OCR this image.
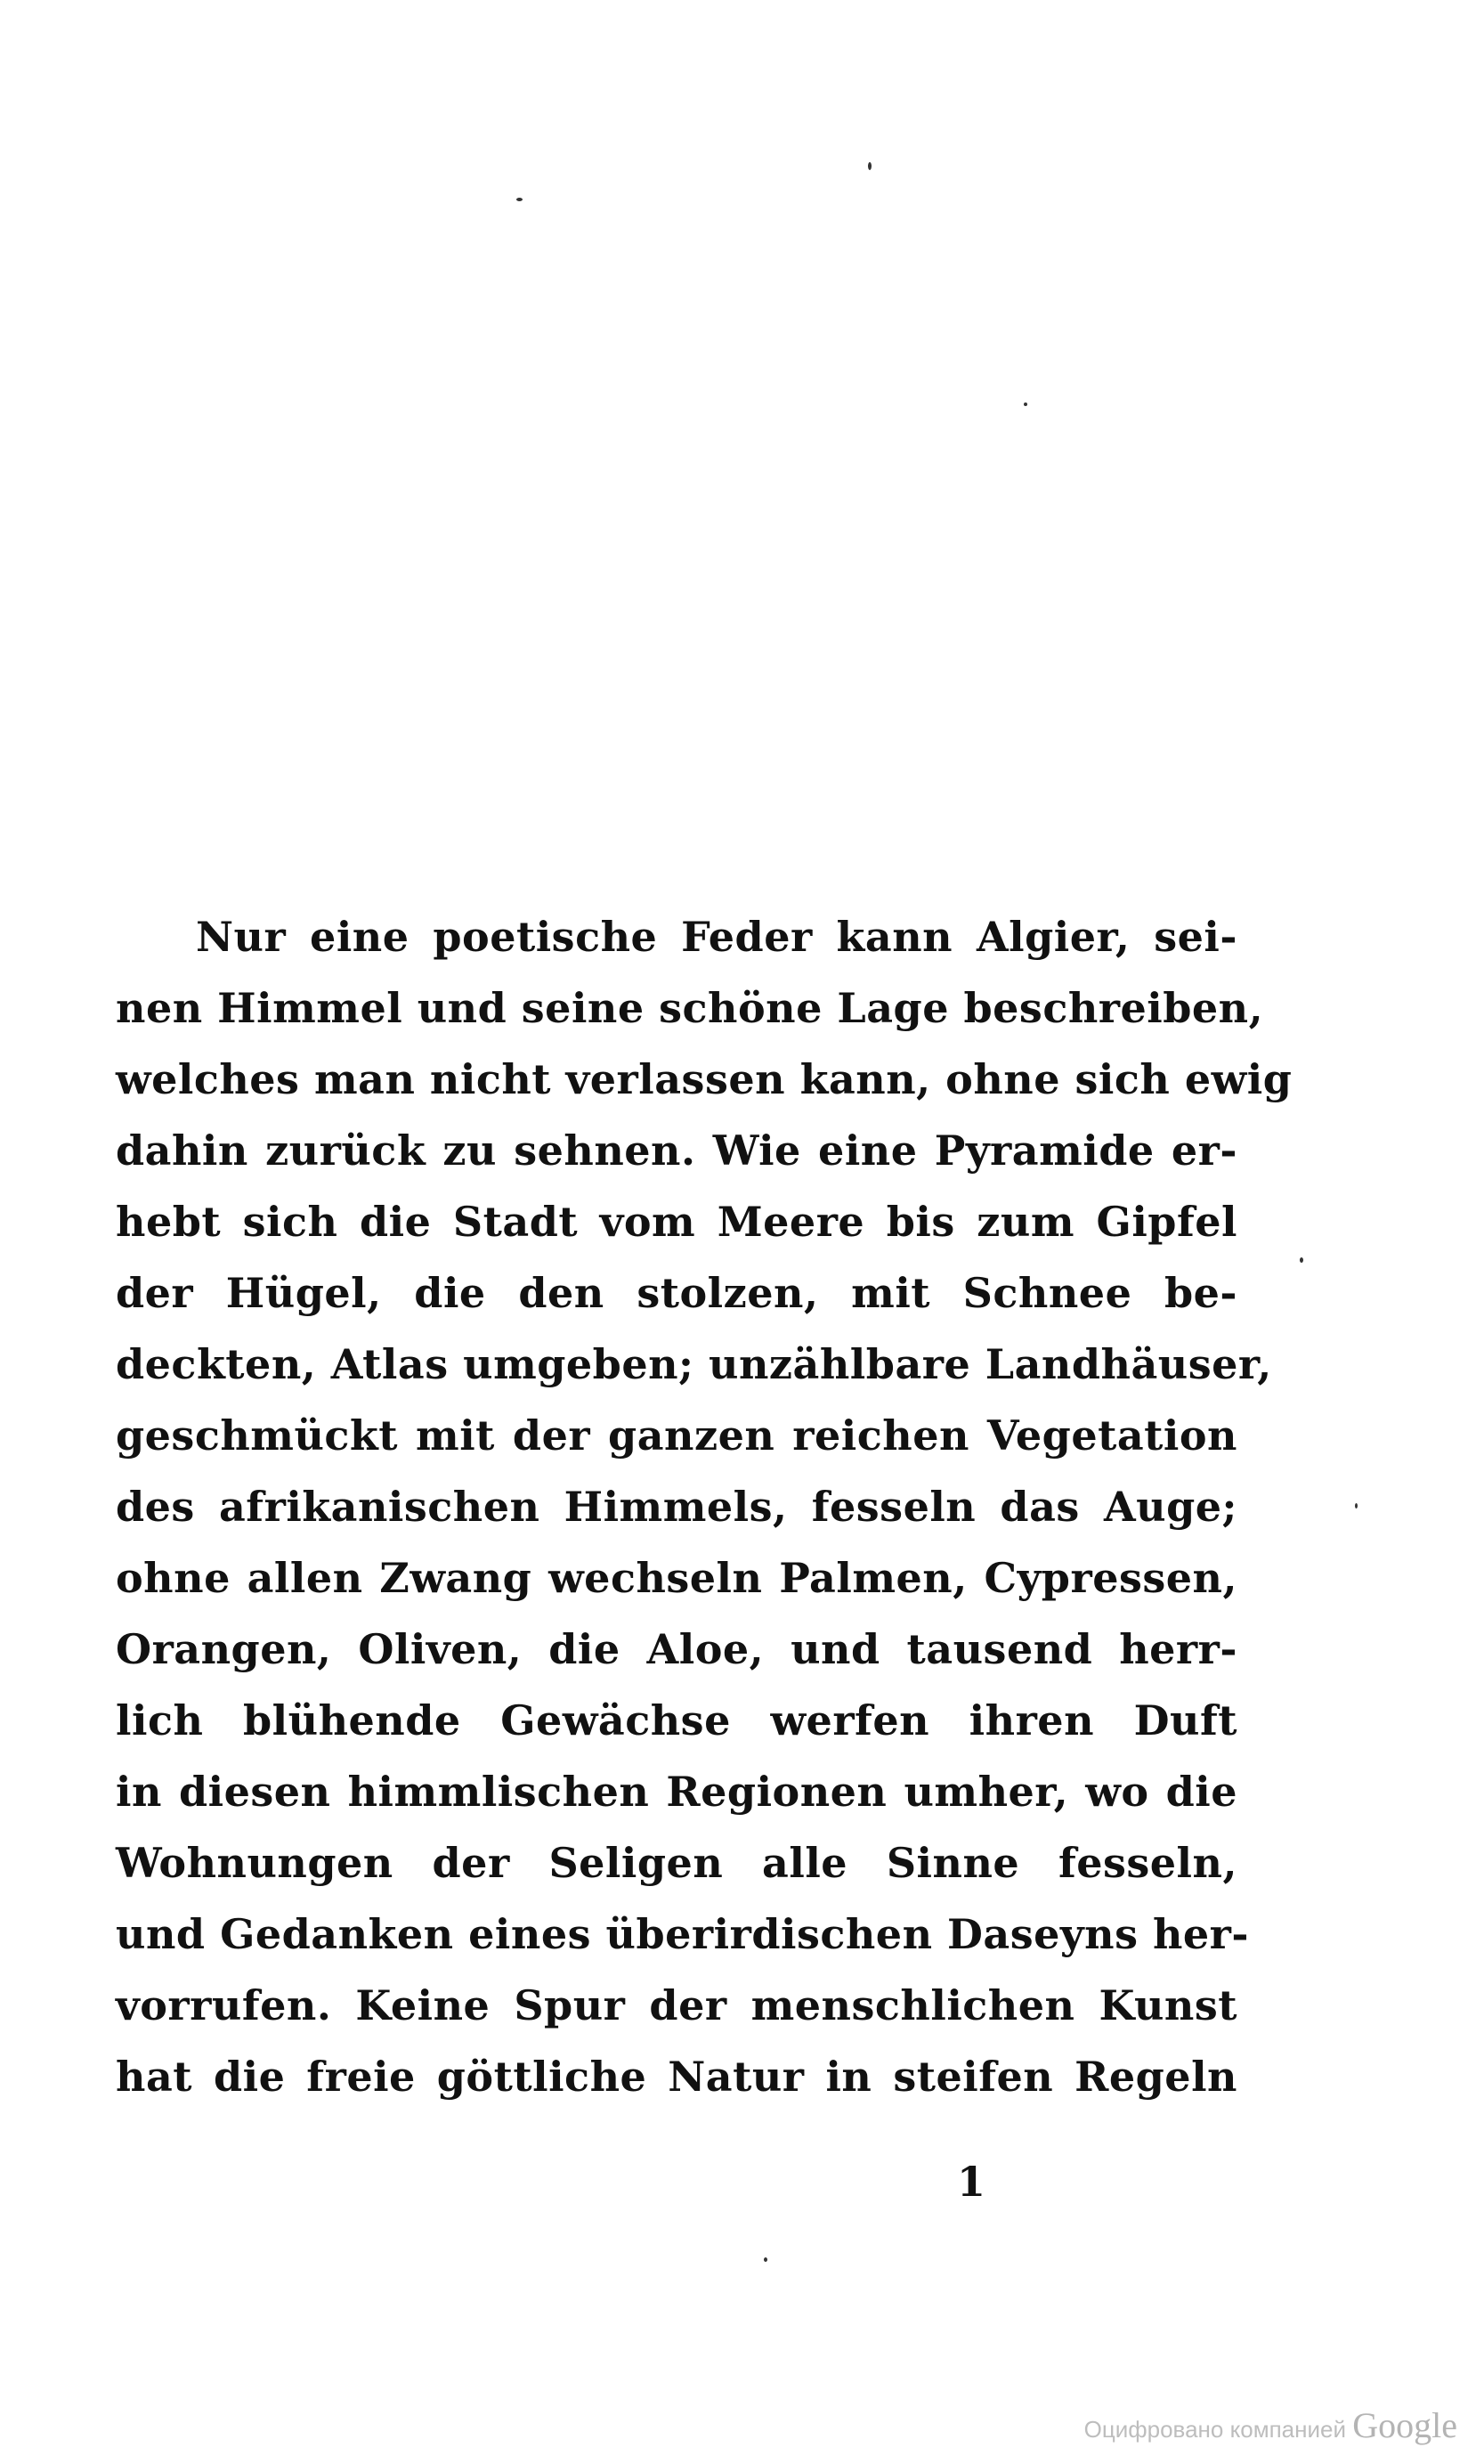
Nur eine poetische Feder kann Algier, sei-
nen Himmel und seine schöne Lage beschreiben,
welches man nicht verlassen kann, ohne sich ewig
dahin zurück zu sehnen. Wie eine Pyramide er-
hebt sich die Stadt vom Meere bis zum Gipfel
der Hügel, die den stolzen, mit Schnee be-
deckten, Atlas umgeben; unzählbare Landhäuser,
geschmückt mit der ganzen reichen Vegetation
des afrikanischen Himmels, fesseln das Auge;
ohne allen Zwang wechseln Palmen, Cypressen,
Orangen, Oliven, die Aloe, und tausend herr-
lich blühende Gewächse werfen ihren Duft
in diesen himmlischen Regionen umher, wo die
Wohnungen der Seligen alle Sinne fesseln,
und Gedanken eines überirdischen Daseyns her-
vorrufen. Keine Spur der menschlichen Kunst
hat die freie göttliche Natur in steifen Regeln
1
Оцифровано компанией Google
